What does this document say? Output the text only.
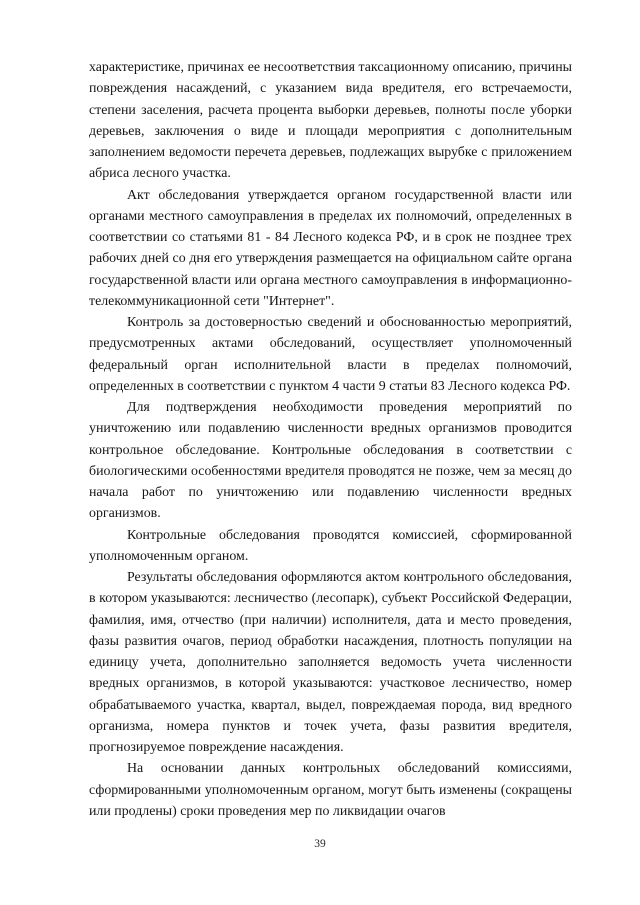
характеристике, причинах ее несоответствия таксационному описанию, причины повреждения насаждений, с указанием вида вредителя, его встречаемости, степени заселения, расчета процента выборки деревьев, полноты после уборки деревьев, заключения о виде и площади мероприятия с дополнительным заполнением ведомости перечета деревьев, подлежащих вырубке с приложением абриса лесного участка.

Акт обследования утверждается органом государственной власти или органами местного самоуправления в пределах их полномочий, определенных в соответствии со статьями 81 - 84 Лесного кодекса РФ, и в срок не позднее трех рабочих дней со дня его утверждения размещается на официальном сайте органа государственной власти или органа местного самоуправления в информационно-телекоммуникационной сети "Интернет".

Контроль за достоверностью сведений и обоснованностью мероприятий, предусмотренных актами обследований, осуществляет уполномоченный федеральный орган исполнительной власти в пределах полномочий, определенных в соответствии с пунктом 4 части 9 статьи 83 Лесного кодекса РФ.

Для подтверждения необходимости проведения мероприятий по уничтожению или подавлению численности вредных организмов проводится контрольное обследование. Контрольные обследования в соответствии с биологическими особенностями вредителя проводятся не позже, чем за месяц до начала работ по уничтожению или подавлению численности вредных организмов.

Контрольные обследования проводятся комиссией, сформированной уполномоченным органом.

Результаты обследования оформляются актом контрольного обследования, в котором указываются: лесничество (лесопарк), субъект Российской Федерации, фамилия, имя, отчество (при наличии) исполнителя, дата и место проведения, фазы развития очагов, период обработки насаждения, плотность популяции на единицу учета, дополнительно заполняется ведомость учета численности вредных организмов, в которой указываются: участковое лесничество, номер обрабатываемого участка, квартал, выдел, повреждаемая порода, вид вредного организма, номера пунктов и точек учета, фазы развития вредителя, прогнозируемое повреждение насаждения.

На основании данных контрольных обследований комиссиями, сформированными уполномоченным органом, могут быть изменены (сокращены или продлены) сроки проведения мер по ликвидации очагов

39
